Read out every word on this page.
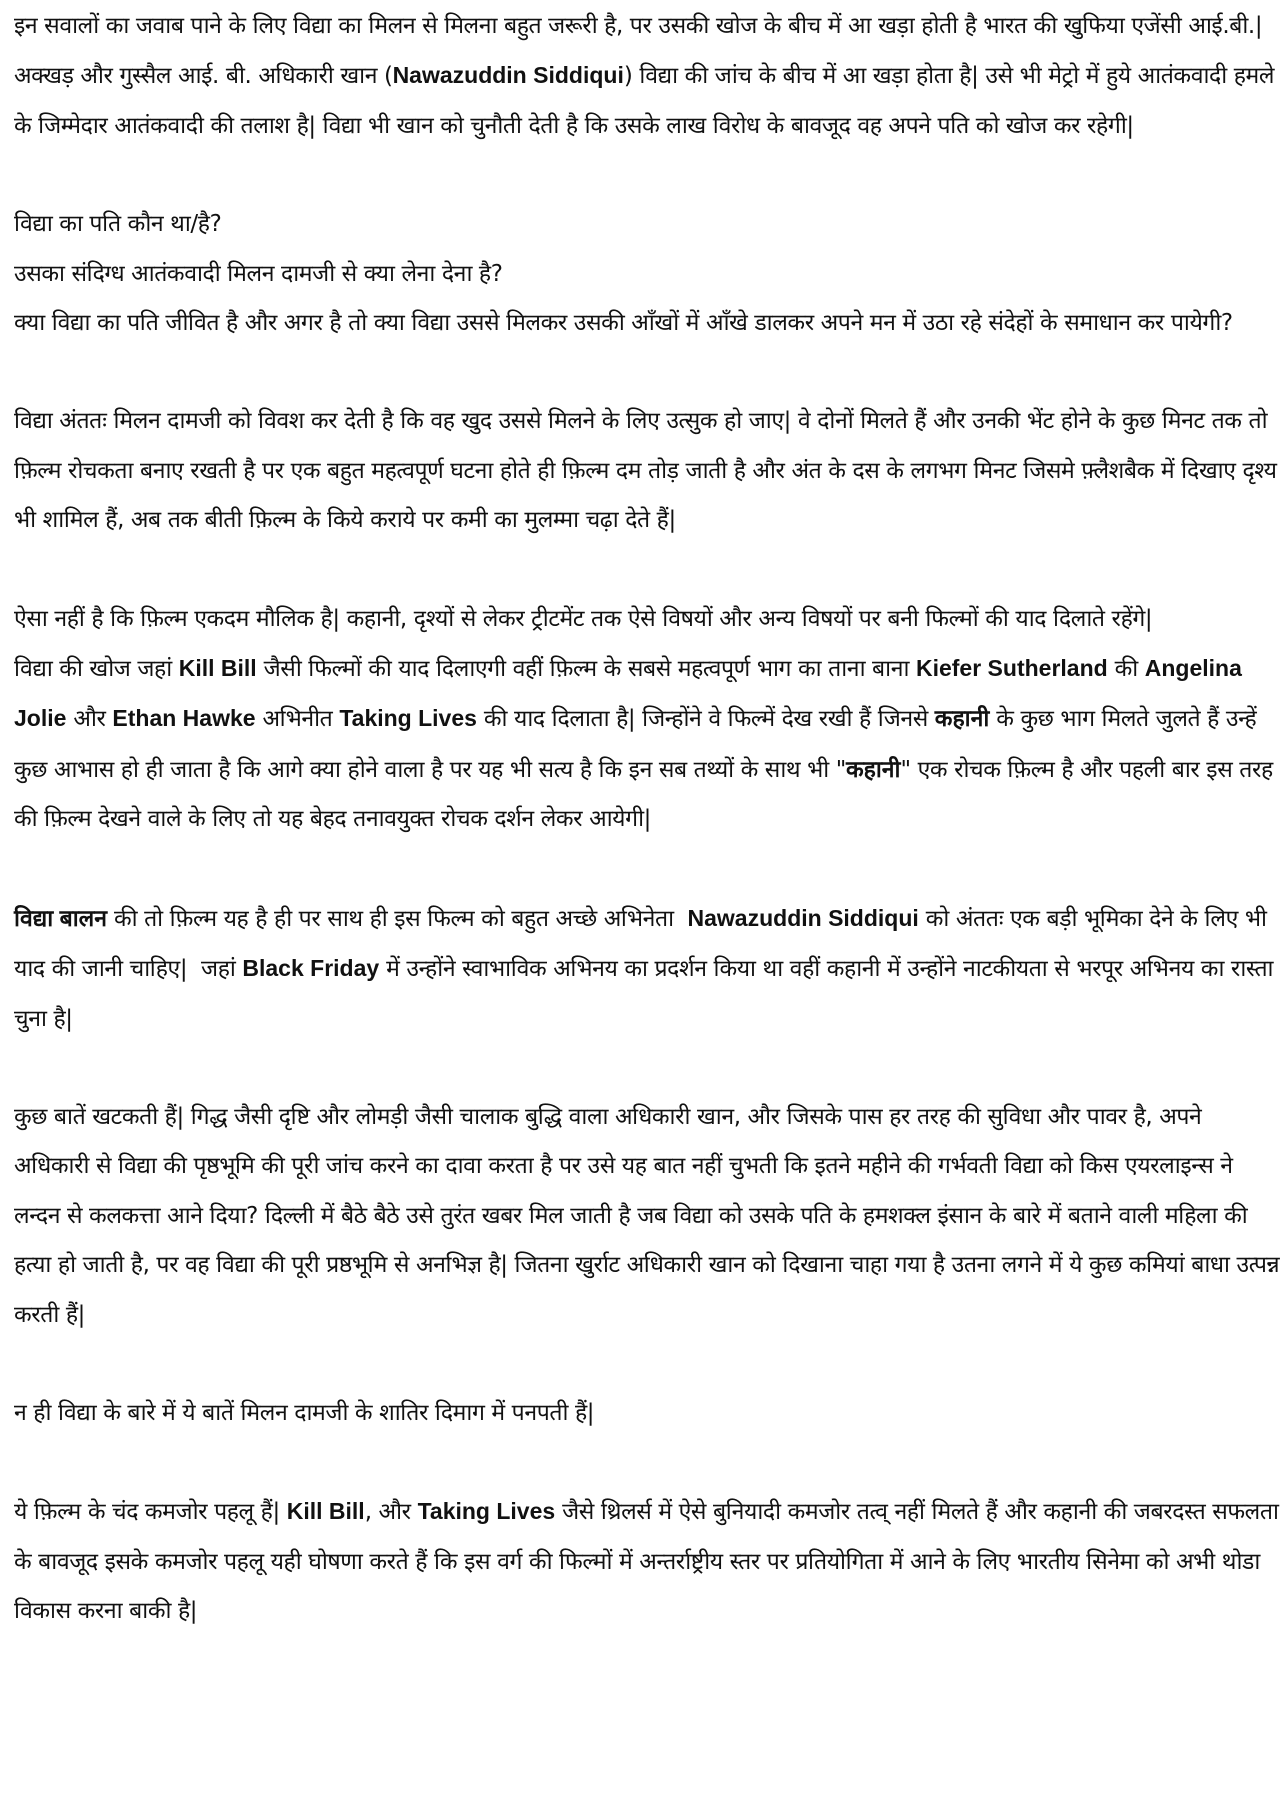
इन सवालों का जवाब पाने के लिए विद्या का मिलन से मिलना बहुत जरूरी है, पर उसकी खोज के बीच में आ खड़ा होती है भारत की खुफिया एजेंसी आई.बी.| अक्खड़ और गुस्सैल आई. बी. अधिकारी खान (Nawazuddin Siddiqui) विद्या की जांच के बीच में आ खड़ा होता है| उसे भी मेट्रो में हुये आतंकवादी हमले के जिम्मेदार आतंकवादी की तलाश है| विद्या भी खान को चुनौती देती है कि उसके लाख विरोध के बावजूद वह अपने पति को खोज कर रहेगी|

विद्या का पति कौन था/है?

उसका संदिग्ध आतंकवादी मिलन दामजी से क्या लेना देना है?

क्या विद्या का पति जीवित है और अगर है तो क्या विद्या उससे मिलकर उसकी आँखों में आँखे डालकर अपने मन में उठा रहे संदेहों के समाधान कर पायेगी?

विद्या अंततः मिलन दामजी को विवश कर देती है कि वह खुद उससे मिलने के लिए उत्सुक हो जाए| वे दोनों मिलते हैं और उनकी भेंट होने के कुछ मिनट तक तो फ़िल्म रोचकता बनाए रखती है पर एक बहुत महत्वपूर्ण घटना होते ही फ़िल्म दम तोड़ जाती है और अंत के दस के लगभग मिनट जिसमे फ़्लैशबैक में दिखाए दृश्य भी शामिल हैं, अब तक बीती फ़िल्म के किये कराये पर कमी का मुलम्मा चढ़ा देते हैं|

ऐसा नहीं है कि फ़िल्म एकदम मौलिक है| कहानी, दृश्यों से लेकर ट्रीटमेंट तक ऐसे विषयों और अन्य विषयों पर बनी फिल्मों की याद दिलाते रहेंगे|

विद्या की खोज जहां Kill Bill जैसी फिल्मों की याद दिलाएगी वहीं फ़िल्म के सबसे महत्वपूर्ण भाग का ताना बाना Kiefer Sutherland की Angelina Jolie और Ethan Hawke अभिनीत Taking Lives की याद दिलाता है| जिन्होंने वे फिल्में देख रखी हैं जिनसे कहानी के कुछ भाग मिलते जुलते हैं उन्हें कुछ आभास हो ही जाता है कि आगे क्या होने वाला है पर यह भी सत्य है कि इन सब तथ्यों के साथ भी "कहानी" एक रोचक फ़िल्म है और पहली बार इस तरह की फ़िल्म देखने वाले के लिए तो यह बेहद तनावयुक्त रोचक दर्शन लेकर आयेगी|

विद्या बालन की तो फ़िल्म यह है ही पर साथ ही इस फिल्म को बहुत अच्छे अभिनेता  Nawazuddin Siddiqui को अंततः एक बड़ी भूमिका देने के लिए भी याद की जानी चाहिए|  जहां Black Friday में उन्होंने स्वाभाविक अभिनय का प्रदर्शन किया था वहीं कहानी में उन्होंने नाटकीयता से भरपूर अभिनय का रास्ता चुना है|

कुछ बातें खटकती हैं| गिद्ध जैसी दृष्टि और लोमड़ी जैसी चालाक बुद्धि वाला अधिकारी खान, और जिसके पास हर तरह की सुविधा और पावर है, अपने अधिकारी से विद्या की पृष्ठभूमि की पूरी जांच करने का दावा करता है पर उसे यह बात नहीं चुभती कि इतने महीने की गर्भवती विद्या को किस एयरलाइन्स ने लन्दन से कलकत्ता आने दिया? दिल्ली में बैठे बैठे उसे तुरंत खबर मिल जाती है जब विद्या को उसके पति के हमशक्ल इंसान के बारे में बताने वाली महिला की हत्या हो जाती है, पर वह विद्या की पूरी प्रष्ठभूमि से अनभिज्ञ है| जितना खुर्राट अधिकारी खान को दिखाना चाहा गया है उतना लगने में ये कुछ कमियां बाधा उत्पन्न करती हैं|

न ही विद्या के बारे में ये बातें मिलन दामजी के शातिर दिमाग में पनपती हैं|

ये फ़िल्म के चंद कमजोर पहलू हैं| Kill Bill, और Taking Lives जैसे थ्रिलर्स में ऐसे बुनियादी कमजोर तत्व् नहीं मिलते हैं और कहानी की जबरदस्त सफलता के बावजूद इसके कमजोर पहलू यही घोषणा करते हैं कि इस वर्ग की फिल्मों में अन्तर्राष्ट्रीय स्तर पर प्रतियोगिता में आने के लिए भारतीय सिनेमा को अभी थोडा विकास करना बाकी है|
